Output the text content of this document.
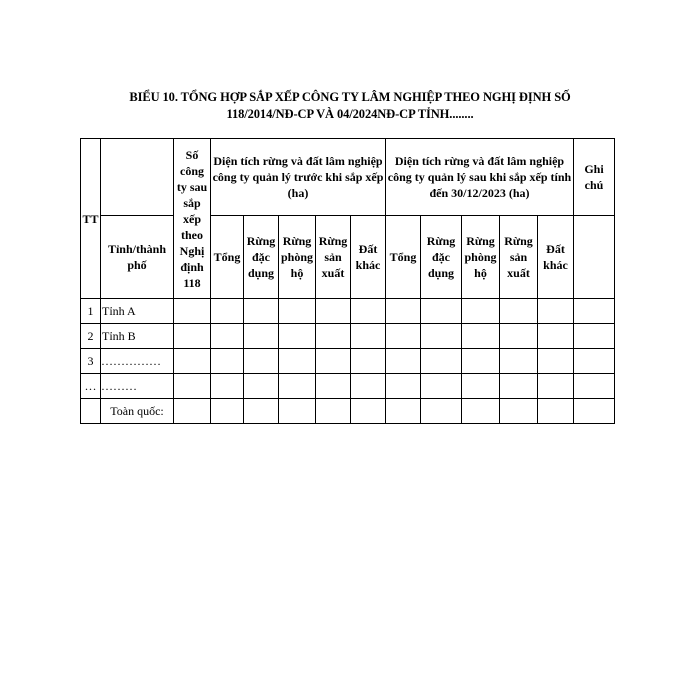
BIỂU 10. TỔNG HỢP SẮP XẾP CÔNG TY LÂM NGHIỆP THEO NGHỊ ĐỊNH SỐ
118/2014/NĐ-CP VÀ 04/2024NĐ-CP TỈNH........
TT		Số công ty sau sắp xếp theo Nghị định 118	Diện tích rừng và đất lâm nghiệp công ty quản lý trước khi sắp xếp (ha)					Diện tích rừng và đất lâm nghiệp công ty quản lý sau khi sắp xếp tính đến 30/12/2023 (ha)					Ghi chú
	Tỉnh/thành phố		Tổng	Rừng đặc dụng	Rừng phòng hộ	Rừng sản xuất	Đất khác	Tổng	Rừng đặc dụng	Rừng phòng hộ	Rừng sản xuất	Đất khác	
1	Tỉnh A												
2	Tỉnh B												
3	……………												
…	………												
	Toàn quốc:												
